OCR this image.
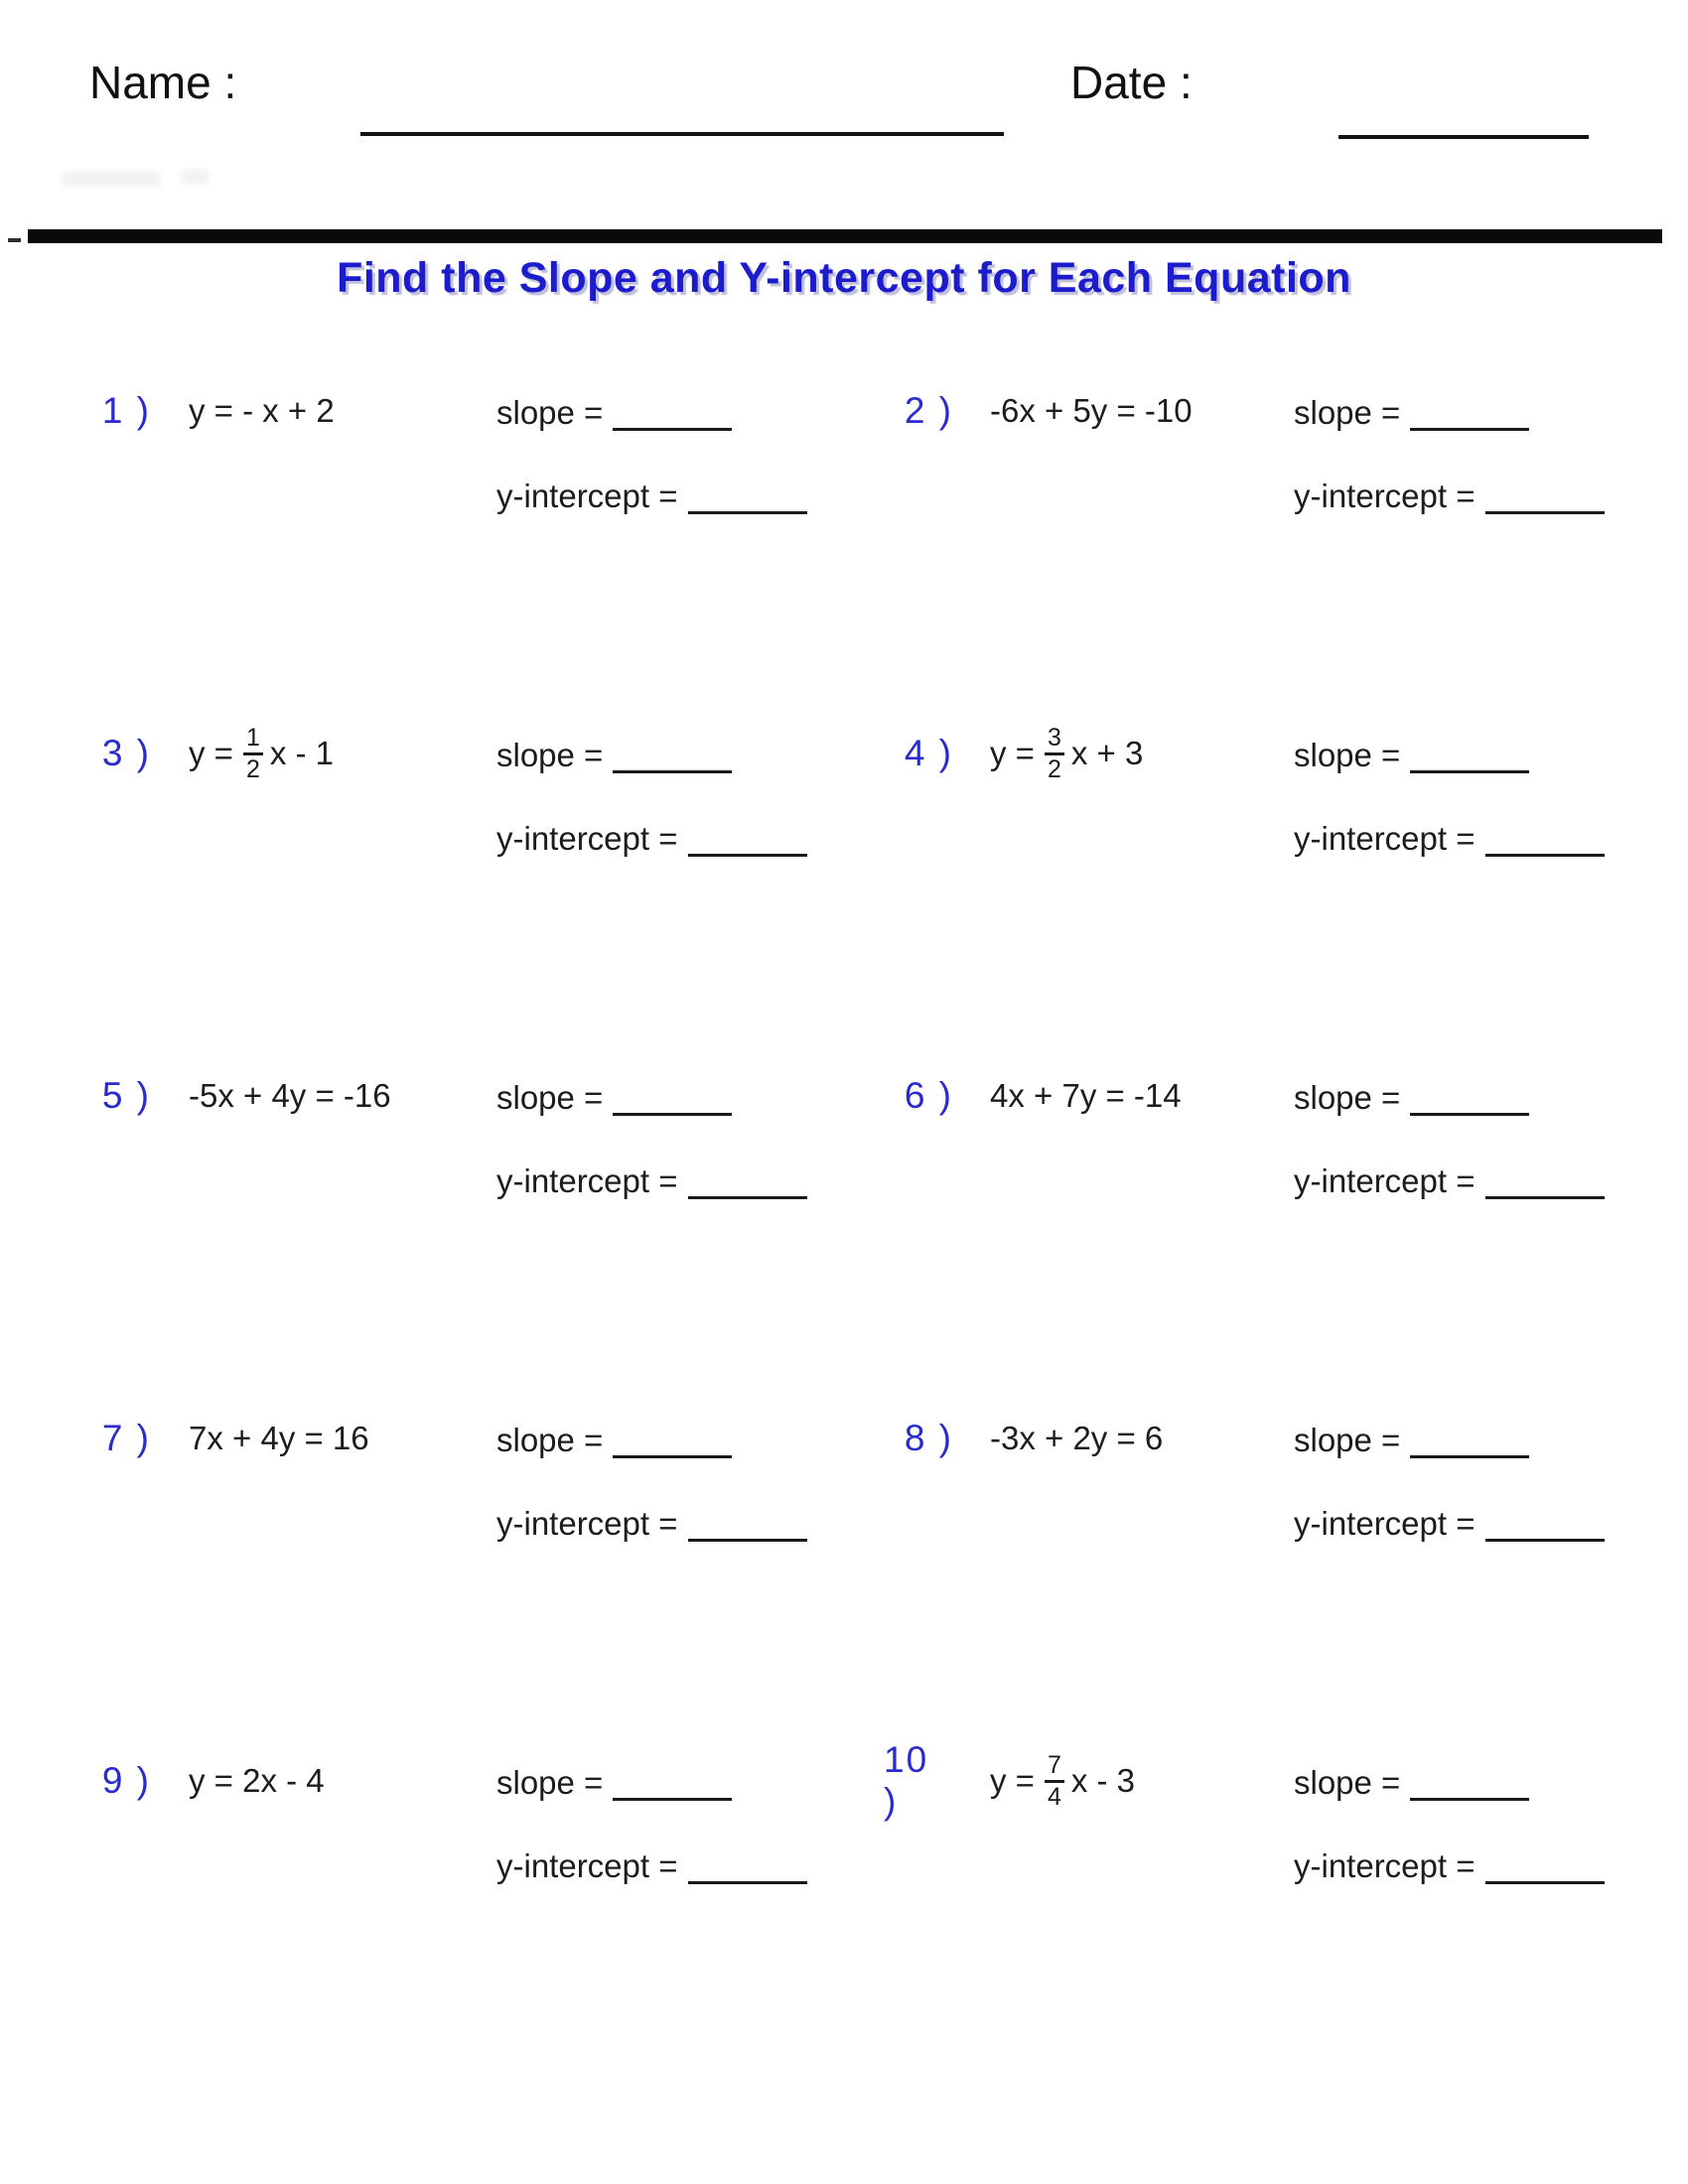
Name :	Date :
Find the Slope and Y-intercept for Each Equation
1 ) y = - x + 2	slope =
y-intercept =
2 ) -6x + 5y = -10	slope =
y-intercept =
3 ) $y = \frac{1}{2}$ x - 1	slope =
y-intercept =
4 ) $y = \frac{3}{2}$ x + 3	slope =
y-intercept =
5 ) -5x + 4y = -16	slope =
y-intercept =
6 ) 4x + 7y = -14	slope =
y-intercept =
7 ) 7x + 4y = 16	slope =
y-intercept =
8 ) -3x + 2y = 6	slope =
y-intercept =
9 ) y = 2x - 4	slope =
y-intercept =
10 )
$y = \frac{7}{4}$ x - 3	slope =
y-intercept =
